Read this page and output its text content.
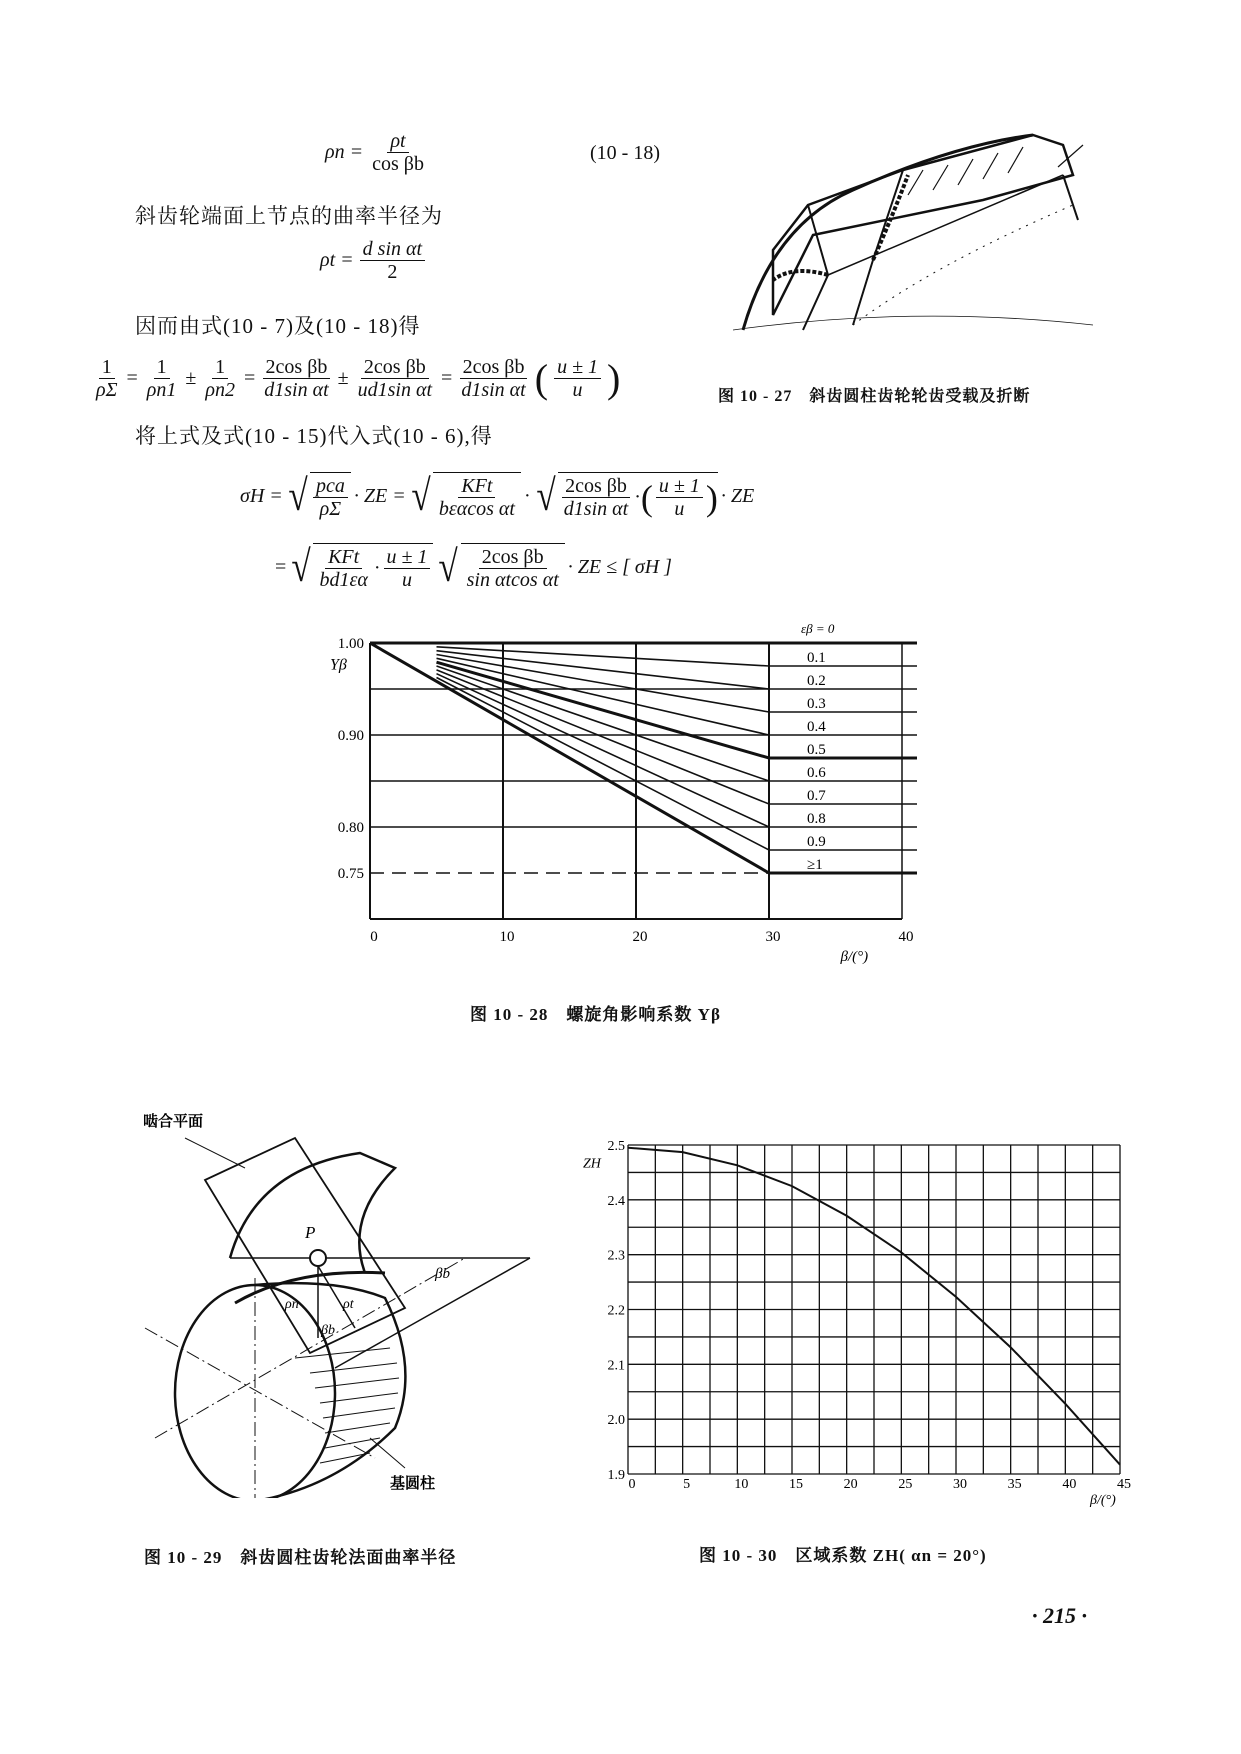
$\rho n = \frac{\rho t}{\text{cos βb}}$	(10 - 18)
斜齿轮端面上节点的曲率半径为
$\rho t = \frac{\text{d sin αt}}{2}$
因而由式(10 - 7)及(10 - 18)得
$\frac{1}{\rho\Sigma} = \frac{1}{\rho n1} \pm \frac{1}{\rho n2} = \frac{\text{2cos βb}}{\text{d1sin αt}} \pm \frac{\text{2cos βb}}{\text{ud1sin αt}} = \frac{\text{2cos βb}}{\text{d1sin αt}}$ ( $\frac{u \pm 1}{u}$ )
将上式及式(10 - 15)代入式(10 - 6),得
σH = √ $\frac{\text{pca}}{\rho\Sigma}$ · ZE = √ $\frac{\text{KFt}}{\text{bεαcos αt}}$ · √ $\frac{\text{2cos βb}}{\text{d1sin αt}}$ · ( $\frac{u \pm 1}{u}$ ) · ZE
= √ $\frac{\text{KFt}}{bd1\varepsilon\alpha} \cdot \frac{u \pm 1}{u}$ √ $\frac{\text{2cos βb}}{\text{sin αtcos αt}}$ · ZE ≤ [ σH ]
图 10 - 27　斜齿圆柱齿轮轮齿受载及折断
0.1
0.2
0.3
0.4
0.5
0.6
0.7
0.8
0.9
≥1
εβ = 0
1.00
0.90
0.80
0.75
0	10	20	30	40
Yβ
β/(°)
图 10 - 28　螺旋角影响系数 Yβ
啮合平面
P
βb
ρn	ρt
βb
基圆柱
图 10 - 29　斜齿圆柱齿轮法面曲率半径
2.5
2.4
2.3
2.2
2.1
2.0
1.9
0	5	10	15	20	25	30	35	40	45
ZH
β/(°)
图 10 - 30　区域系数 ZH( αn = 20°)
· 215 ·
